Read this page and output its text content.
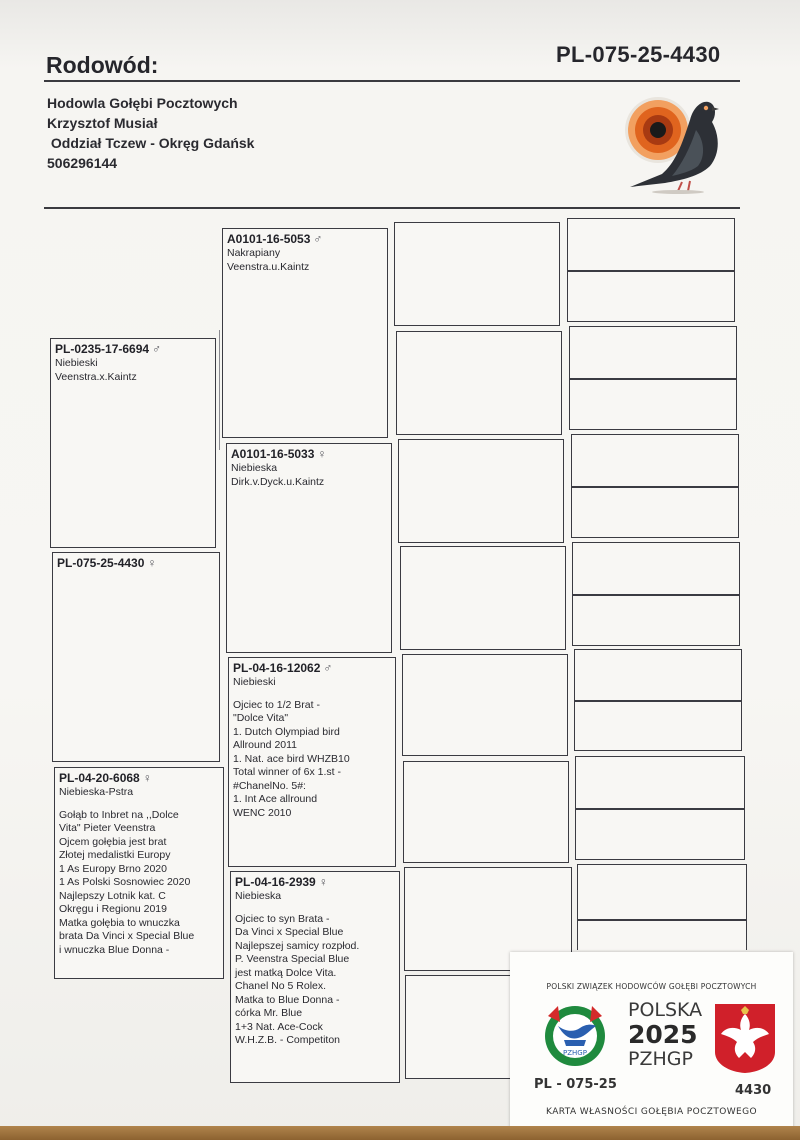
Rodowód:	PL-075-25-4430
Hodowla Gołębi Pocztowych
Krzysztof Musiał
Oddział Tczew - Okręg Gdańsk
506296144
PL-0235-17-6694 ♂
Niebieski
Veenstra.x.Kaintz
PL-075-25-4430 ♀
PL-04-20-6068 ♀
Niebieska-Pstra
Gołąb to Inbret na ,,Dolce
Vita" Pieter Veenstra
Ojcem gołębia jest brat
Złotej medalistki Europy
1 As Europy Brno 2020
1 As Polski Sosnowiec 2020
Najlepszy Lotnik kat. C
Okręgu i Regionu 2019
Matka gołębia to wnuczka
brata Da Vinci x Special Blue
i wnuczka Blue Donna -
A0101-16-5053 ♂
Nakrapiany
Veenstra.u.Kaintz
A0101-16-5033 ♀
Niebieska
Dirk.v.Dyck.u.Kaintz
PL-04-16-12062 ♂
Niebieski
Ojciec to 1/2 Brat -
"Dolce Vita"
1. Dutch Olympiad bird
Allround 2011
1. Nat. ace bird WHZB10
Total winner of 6x 1.st -
#ChanelNo. 5#:
1. Int Ace allround
WENC 2010
PL-04-16-2939 ♀
Niebieska
Ojciec to syn Brata -
Da Vinci x Special Blue
Najlepszej samicy rozpłod.
P. Veenstra Special Blue
jest matką Dolce Vita.
Chanel No 5 Rolex.
Matka to Blue Donna -
córka Mr. Blue
1+3 Nat. Ace-Cock
W.H.Z.B. - Competiton
POLSKI ZWIĄZEK HODOWCÓW GOŁĘBI POCZTOWYCH
PZHGP
POLSKA
2025
PZHGP
PL - 075-25	4430
KARTA WŁASNOŚCI GOŁĘBIA POCZTOWEGO
